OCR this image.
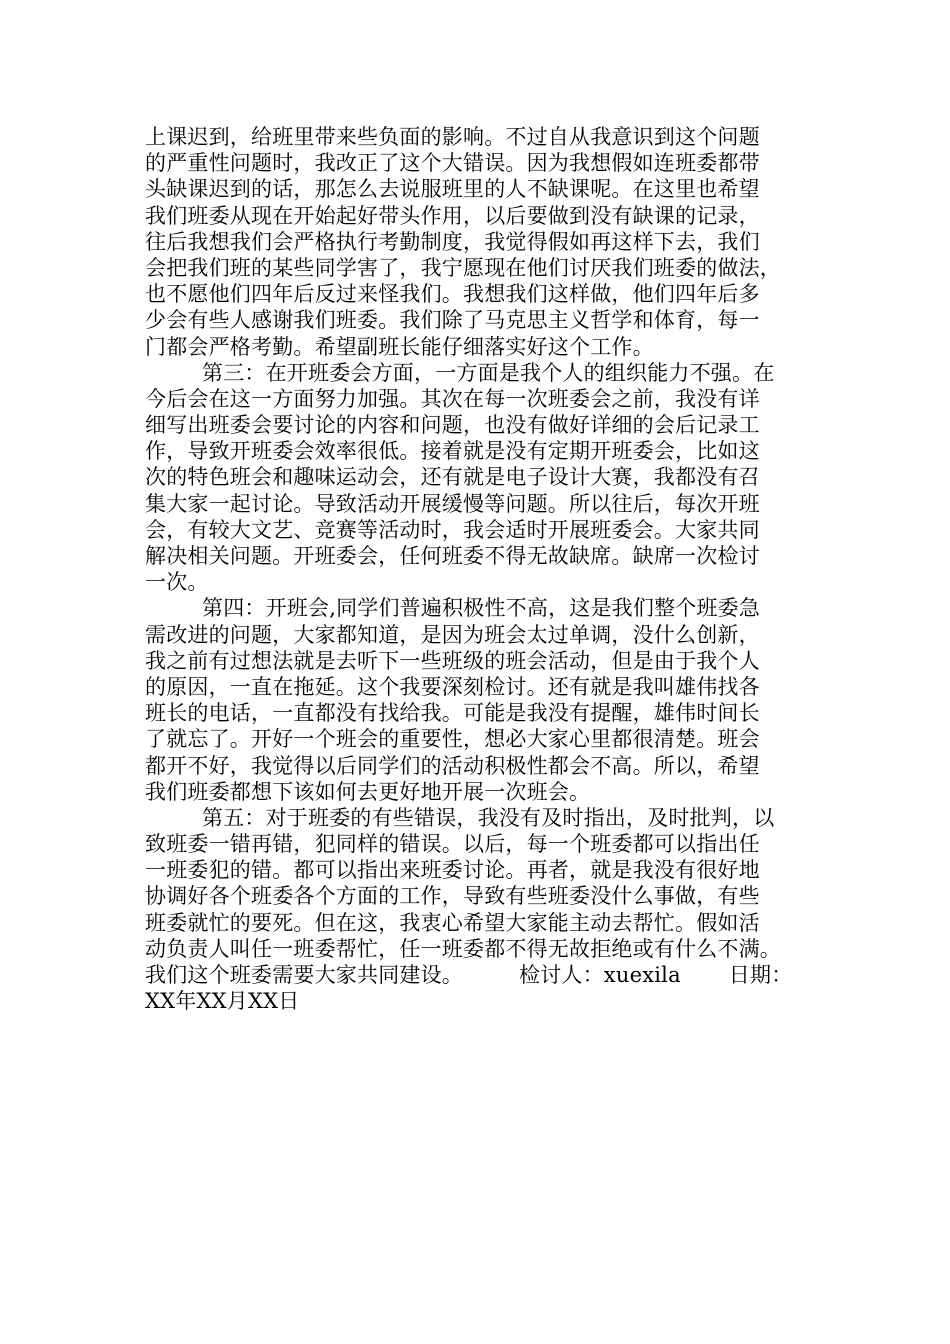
上课迟到，给班里带来些负面的影响。不过自从我意识到这个问题
的严重性问题时，我改正了这个大错误。因为我想假如连班委都带
头缺课迟到的话，那怎么去说服班里的人不缺课呢。在这里也希望
我们班委从现在开始起好带头作用，以后要做到没有缺课的记录，
往后我想我们会严格执行考勤制度，我觉得假如再这样下去，我们
会把我们班的某些同学害了，我宁愿现在他们讨厌我们班委的做法，
也不愿他们四年后反过来怪我们。我想我们这样做，他们四年后多
少会有些人感谢我们班委。我们除了马克思主义哲学和体育，每一
门都会严格考勤。希望副班长能仔细落实好这个工作。
第三：在开班委会方面，一方面是我个人的组织能力不强。在
今后会在这一方面努力加强。其次在每一次班委会之前，我没有详
细写出班委会要讨论的内容和问题，也没有做好详细的会后记录工
作，导致开班委会效率很低。接着就是没有定期开班委会，比如这
次的特色班会和趣味运动会，还有就是电子设计大赛，我都没有召
集大家一起讨论。导致活动开展缓慢等问题。所以往后，每次开班
会，有较大文艺、竞赛等活动时，我会适时开展班委会。大家共同
解决相关问题。开班委会，任何班委不得无故缺席。缺席一次检讨
一次。
第四：开班会,同学们普遍积极性不高，这是我们整个班委急
需改进的问题，大家都知道，是因为班会太过单调，没什么创新，
我之前有过想法就是去听下一些班级的班会活动，但是由于我个人
的原因，一直在拖延。这个我要深刻检讨。还有就是我叫雄伟找各
班长的电话，一直都没有找给我。可能是我没有提醒，雄伟时间长
了就忘了。开好一个班会的重要性，想必大家心里都很清楚。班会
都开不好，我觉得以后同学们的活动积极性都会不高。所以，希望
我们班委都想下该如何去更好地开展一次班会。
第五：对于班委的有些错误，我没有及时指出，及时批判，以
致班委一错再错，犯同样的错误。以后，每一个班委都可以指出任
一班委犯的错。都可以指出来班委讨论。再者，就是我没有很好地
协调好各个班委各个方面的工作，导致有些班委没什么事做，有些
班委就忙的要死。但在这，我衷心希望大家能主动去帮忙。假如活
动负责人叫任一班委帮忙，任一班委都不得无故拒绝或有什么不满。
我们这个班委需要大家共同建设。	检讨人：xuexila 日期：
XX年XX月XX日
